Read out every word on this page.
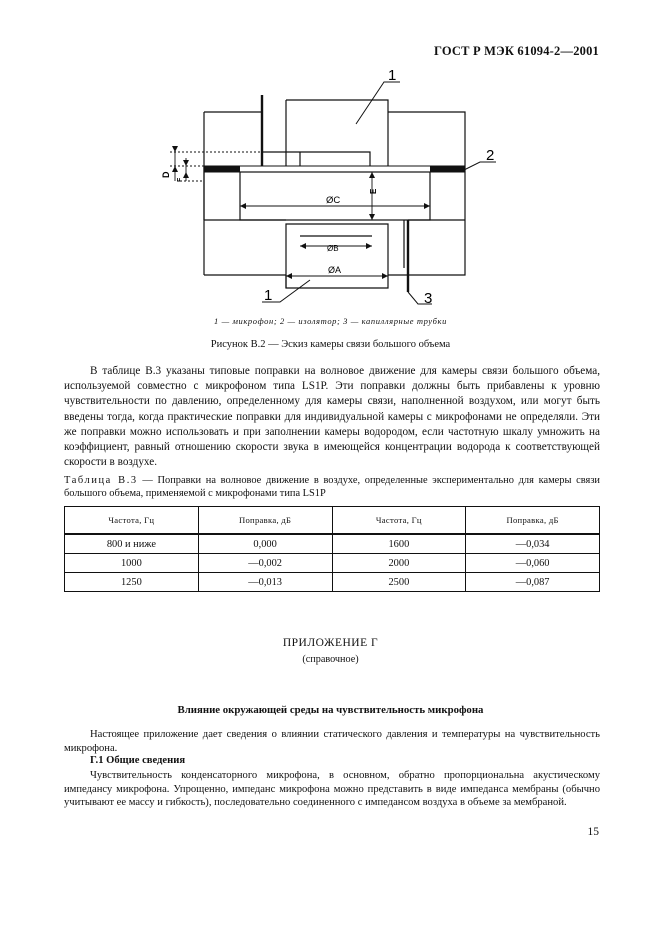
ГОСТ Р МЭК 61094-2—2001
D
F
E
ØC
ØB
ØA
1
2
1	3
1 — микрофон; 2 — изолятор; 3 — капиллярные трубки
Рисунок В.2 — Эскиз камеры связи большого объема
В таблице В.3 указаны типовые поправки на волновое движение для камеры связи большого объема, используемой совместно с микрофоном типа LS1P. Эти поправки должны быть прибавлены к уровню чувствительности по давлению, определенному для камеры связи, наполненной воздухом, или могут быть введены тогда, когда практические поправки для индивидуальной камеры с микрофонами не определяли. Эти же поправки можно использовать и при заполнении камеры водородом, если частотную шкалу умножить на коэффициент, равный отношению скорости звука в имеющейся концентрации водорода к соответствующей скорости в воздухе.
Таблица В.3 — Поправки на волновое движение в воздухе, определенные экспериментально для камеры связи большого объема, применяемой с микрофонами типа LS1P
Частота, Гц	Поправка, дБ	Частота, Гц	Поправка, дБ
800 и ниже	0,000	1600	—0,034
1000	—0,002	2000	—0,060
1250	—0,013	2500	—0,087
ПРИЛОЖЕНИЕ Г
(справочное)
Влияние окружающей среды на чувствительность микрофона
Настоящее приложение дает сведения о влиянии статического давления и температуры на чувствительность микрофона.
Г.1 Общие сведения
Чувствительность конденсаторного микрофона, в основном, обратно пропорциональна акустическому импедансу микрофона. Упрощенно, импеданс микрофона можно представить в виде импеданса мембраны (обычно учитывают ее массу и гибкость), последовательно соединенного с импедансом воздуха в объеме за мембраной.
15
